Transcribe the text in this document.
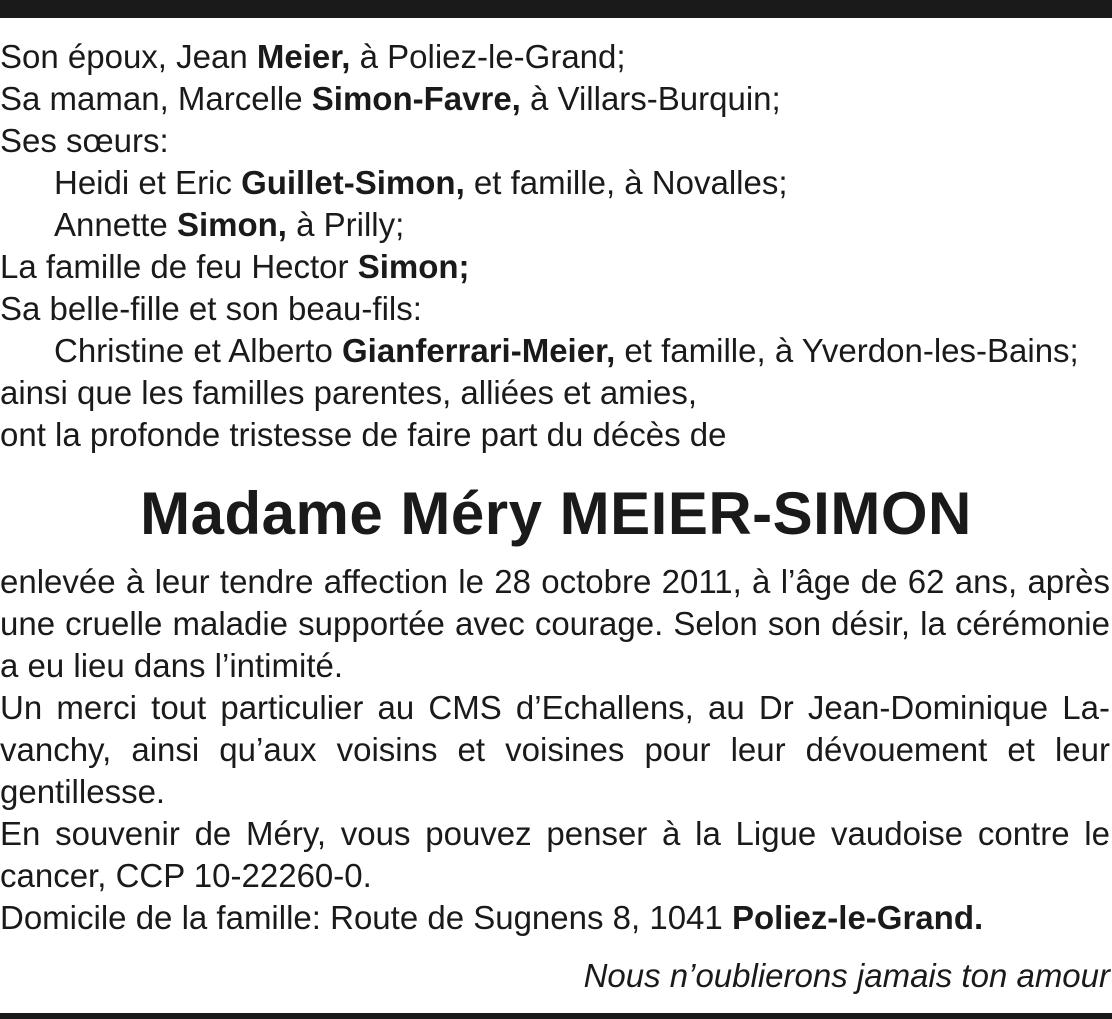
Son époux, Jean Meier, à Poliez-le-Grand;
Sa maman, Marcelle Simon-Favre, à Villars-Burquin;
Ses sœurs:
Heidi et Eric Guillet-Simon, et famille, à Novalles;
Annette Simon, à Prilly;
La famille de feu Hector Simon;
Sa belle-fille et son beau-fils:
Christine et Alberto Gianferrari-Meier, et famille, à Yverdon-les-Bains;
ainsi que les familles parentes, alliées et amies,
ont la profonde tristesse de faire part du décès de
Madame Méry MEIER-SIMON

enlevée à leur tendre affection le 28 octobre 2011, à l’âge de 62 ans, après une cruelle maladie supportée avec courage. Selon son désir, la cérémonie a eu lieu dans l’intimité.

Un merci tout particulier au CMS d’Echallens, au Dr Jean-Dominique Lavanchy, ainsi qu’aux voisins et voisines pour leur dévouement et leur gentillesse.

En souvenir de Méry, vous pouvez penser à la Ligue vaudoise contre le cancer, CCP 10-22260-0.

Domicile de la famille: Route de Sugnens 8, 1041 Poliez-le-Grand.

Nous n’oublierons jamais ton amour
